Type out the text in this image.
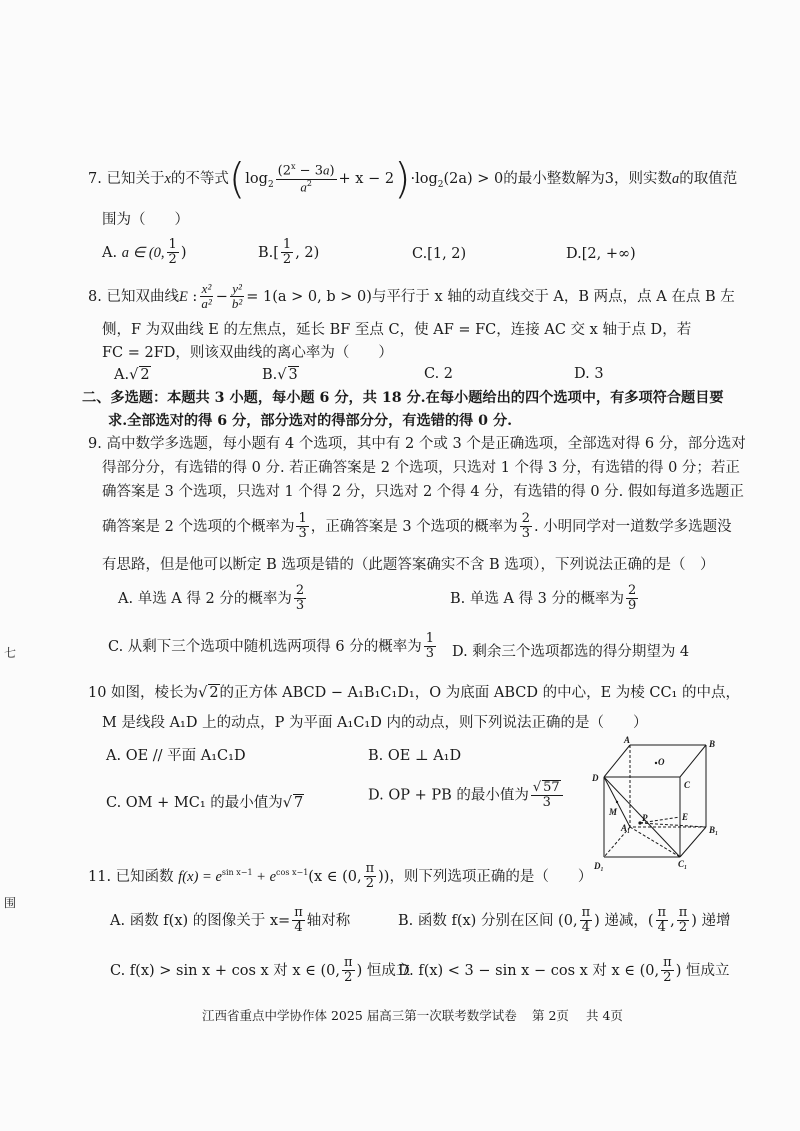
七
围
7. 已知关于x的不等式$(\log_2 \frac{(2^x - 3a)}{a^2} + x - 2)\cdot\log_2(2a) > 0$的最小整数解为3，则实数a的取值范
围为（　　）
A. a ∈ (0, $\frac{1}{2}$ )	$B.[ \frac{1}{2}$ , 2)	C.[1, 2)	D.[2, +∞)
8. 已知双曲线E : $\frac{\text{x²}}{\text{a²}} - \frac{\text{y²}}{\text{b²}} = 1(a > 0$, b > 0)与平行于 x 轴的动直线交于 A，B 两点，点 A 在点 B 左
侧，F 为双曲线 E 的左焦点，延长 BF 至点 C，使 AF = FC，连接 AC 交 x 轴于点 D，若
FC = 2FD，则该双曲线的离心率为（　　）
A.√ 2	B.√ 3	C. 2	D. 3
二、多选题：本题共 3 小题，每小题 6 分，共 18 分.在每小题给出的四个选项中，有多项符合题目要
求.全部选对的得 6 分，部分选对的得部分分，有选错的得 0 分.
9. 高中数学多选题，每小题有 4 个选项，其中有 2 个或 3 个是正确选项，全部选对得 6 分，部分选对
得部分分，有选错的得 0 分. 若正确答案是 2 个选项，只选对 1 个得 3 分，有选错的得 0 分；若正
确答案是 3 个选项，只选对 1 个得 2 分，只选对 2 个得 4 分，有选错的得 0 分. 假如每道多选题正
确答案是 2 个选项的个概率为 $\frac{1}{3}$ ，正确答案是 3 个选项的概率为 $\frac{2}{3}$ . 小明同学对一道数学多选题没
有思路，但是他可以断定 B 选项是错的（此题答案确实不含 B 选项），下列说法正确的是（　）
A. 单选 A 得 2 分的概率为 $\frac{2}{3}$	B. 单选 A 得 3 分的概率为 $\frac{2}{9}$
C. 从剩下三个选项中随机选两项得 6 分的概率为 $\frac{1}{3} D$. 剩余三个选项都选的得分期望为 4
10 如图，棱长为√ 2的正方体 ABCD − A₁B₁C₁D₁，O 为底面 ABCD 的中心，E 为棱 CC₁ 的中点，
M 是线段 A₁D 上的动点，P 为平面 A₁C₁D 内的动点，则下列说法正确的是（　　）
A. OE // 平面 A₁C₁D	B. OE ⊥ A₁D
C. OM + MC₁ 的最小值为√ 7	D. OP + PB 的最小值为 $\frac{√ 57}{3}$
A	B
D
C
O
M
A₁
P	E
B₁
D₁	C₁
11. 已知函数 $f(x) = e^{sin x-1} + e^{cos x-1}(x$ ∈ (0, $\frac{\pi}{2}$ ))，则下列选项正确的是（　　）
A. 函数 f(x) 的图像关于 $x= \frac{\pi}{4}$ 轴对称	B. 函数 f(x) 分别在区间 (0, $\frac{\pi}{4}$ ) 递减，( $\frac{\pi}{4}$ , $\frac{\pi}{2}$ ) 递增
C. f(x) > sin x + cos x 对 x ∈ (0, $\frac{\pi}{2}$ ) 恒成立
D. f(x) < 3 − sin x − cos x 对 x ∈ (0, $\frac{\pi}{2}$ ) 恒成立
江西省重点中学协作体 2025 届高三第一次联考数学试卷 第 2页 共 4页
